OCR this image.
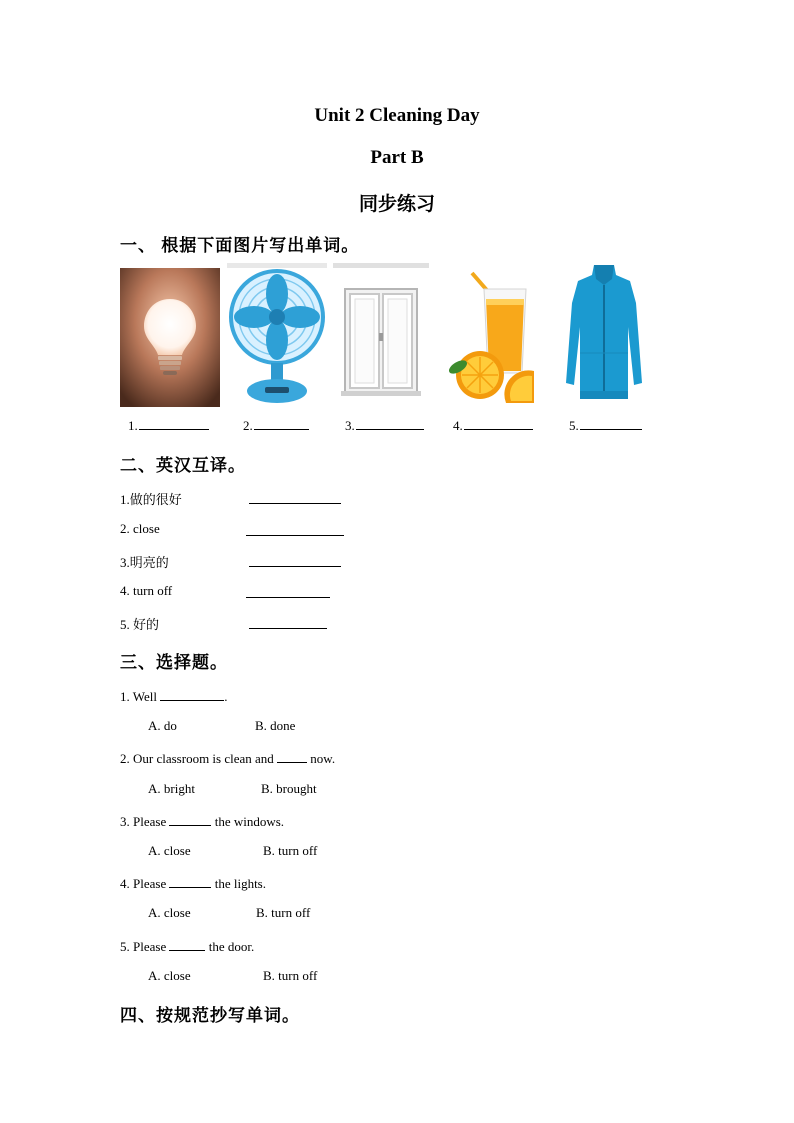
Unit 2 Cleaning Day
Part B
同步练习
一、 根据下面图片写出单词。
1.	2.	3.	4.	5.
二、英汉互译。
1.做的很好
2. close
3.明亮的
4. turn off
5. 好的
三、选择题。
1. Well	.
A. do	B. done
2. Our classroom is clean and	now.
A. bright	B. brought
3. Please	the windows.
A. close	B. turn off
4. Please	the lights.
A. close	B. turn off
5. Please	the door.
A. close	B. turn off
四、按规范抄写单词。
